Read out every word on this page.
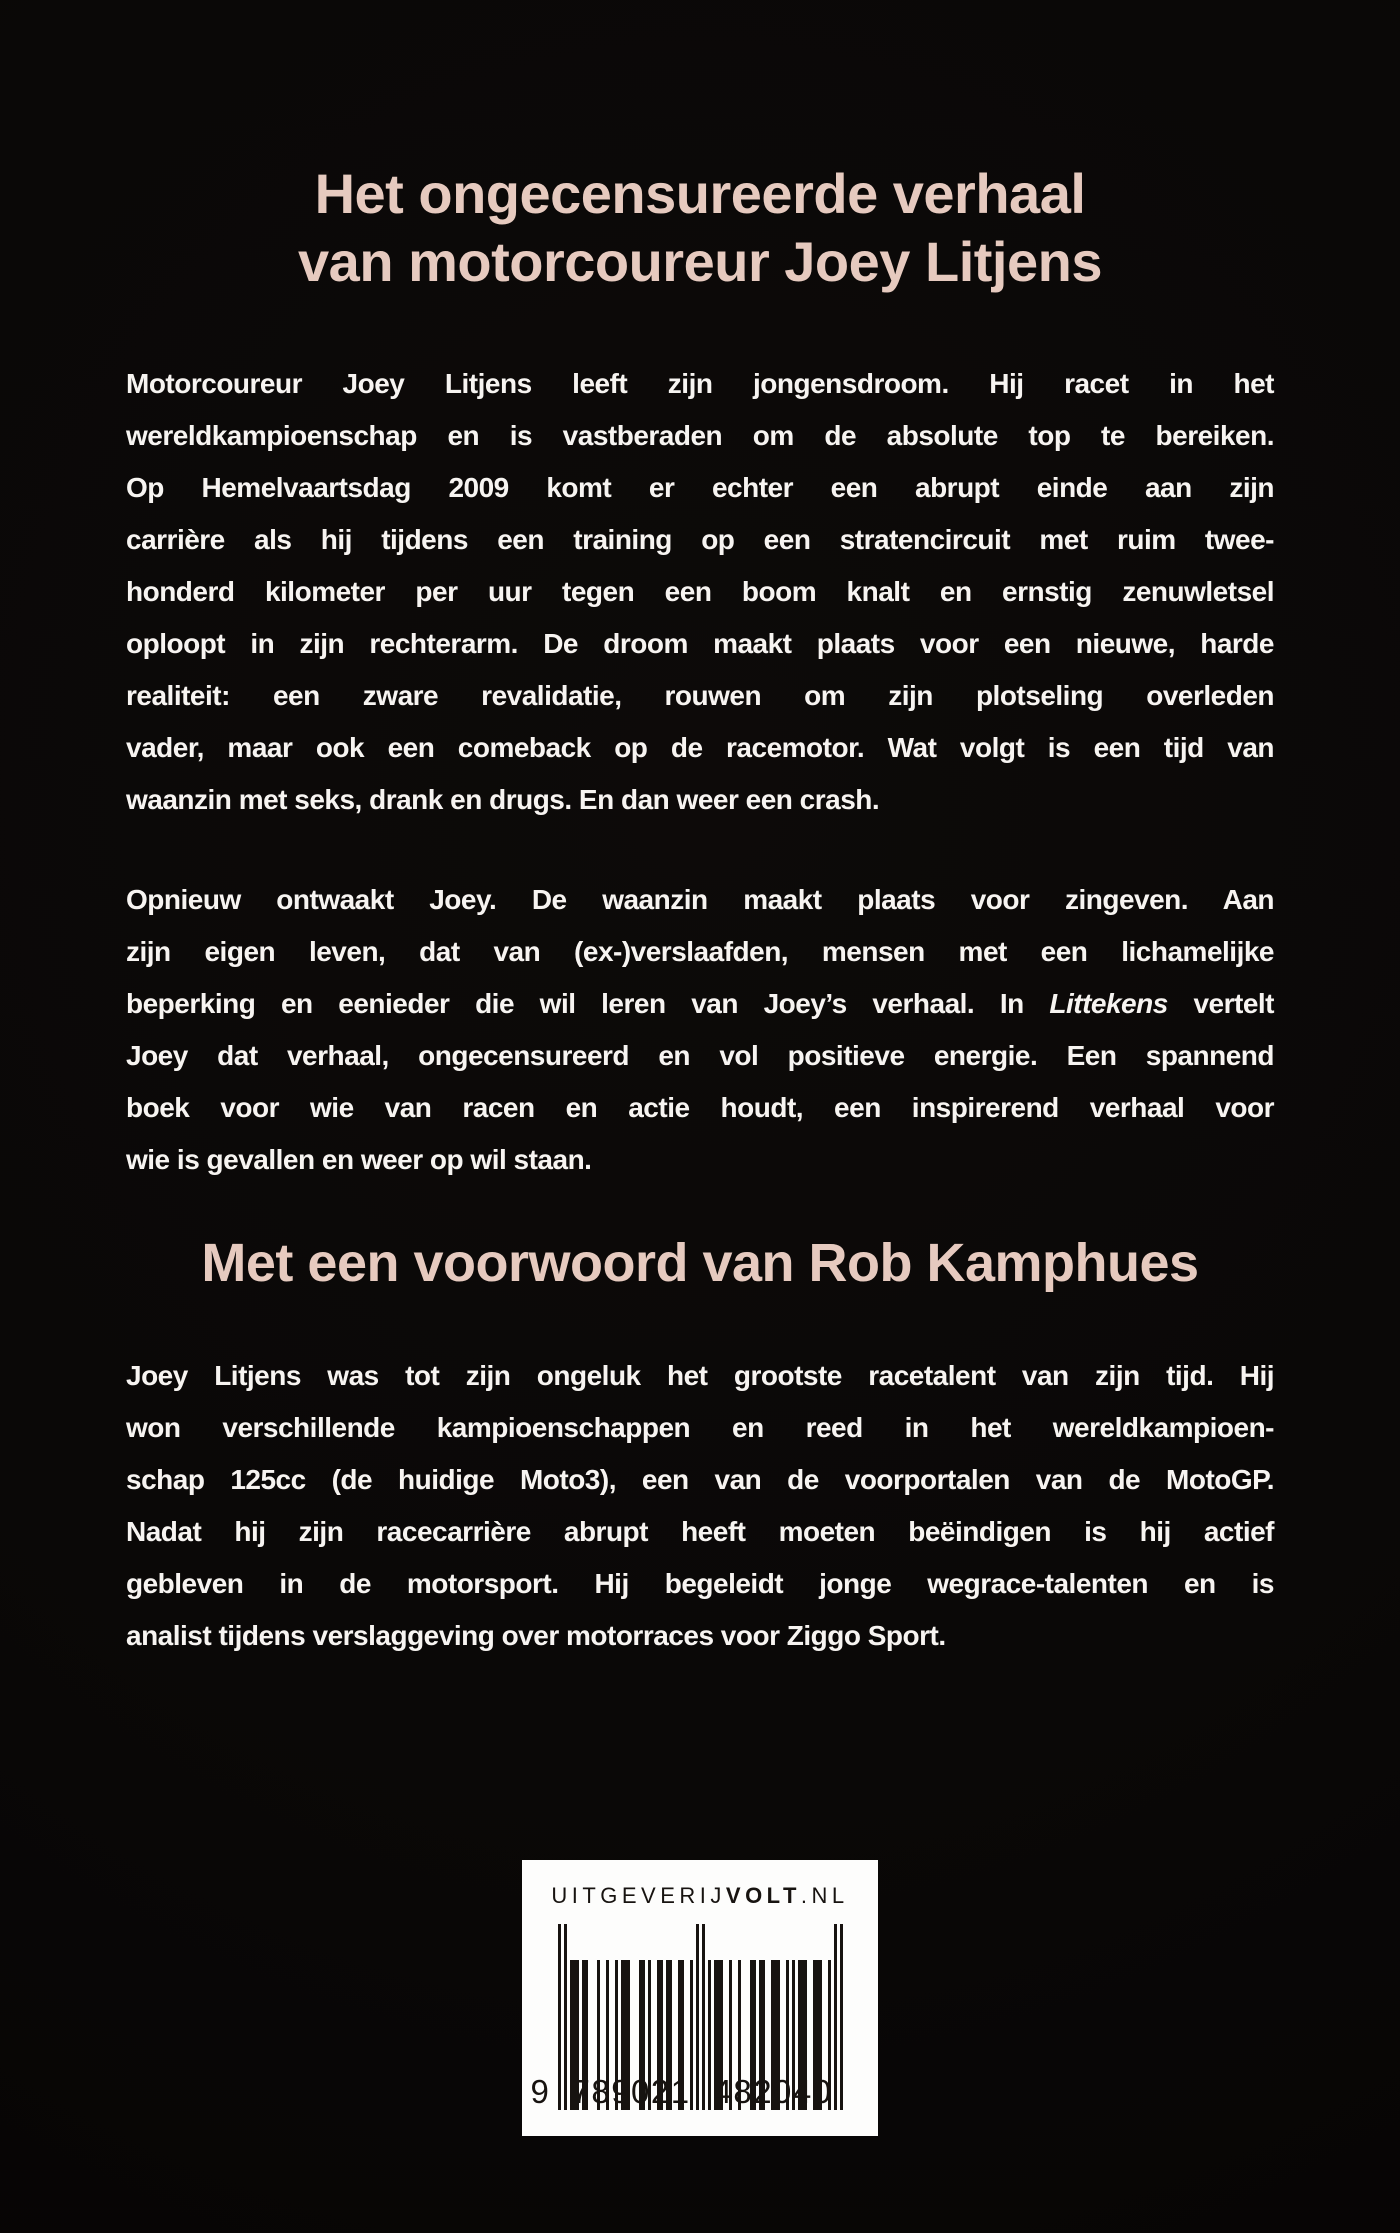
Het ongecensureerde verhaal
van motorcoureur Joey Litjens
Motorcoureur Joey Litjens leeft zijn jongensdroom. Hij racet in het
wereldkampioenschap en is vastberaden om de absolute top te bereiken.
Op Hemelvaartsdag 2009 komt er echter een abrupt einde aan zijn
carrière als hij tijdens een training op een stratencircuit met ruim twee-
honderd kilometer per uur tegen een boom knalt en ernstig zenuwletsel
oploopt in zijn rechterarm. De droom maakt plaats voor een nieuwe, harde
realiteit: een zware revalidatie, rouwen om zijn plotseling overleden
vader, maar ook een comeback op de racemotor. Wat volgt is een tijd van
waanzin met seks, drank en drugs. En dan weer een crash.
Opnieuw ontwaakt Joey. De waanzin maakt plaats voor zingeven. Aan
zijn eigen leven, dat van (ex-)verslaafden, mensen met een lichamelijke
beperking en eenieder die wil leren van Joey’s verhaal. In Littekens vertelt
Joey dat verhaal, ongecensureerd en vol positieve energie. Een spannend
boek voor wie van racen en actie houdt, een inspirerend verhaal voor
wie is gevallen en weer op wil staan.
Met een voorwoord van Rob Kamphues
Joey Litjens was tot zijn ongeluk het grootste racetalent van zijn tijd. Hij
won verschillende kampioenschappen en reed in het wereldkampioen-
schap 125cc (de huidige Moto3), een van de voorportalen van de MotoGP.
Nadat hij zijn racecarrière abrupt heeft moeten beëindigen is hij actief
gebleven in de motorsport. Hij begeleidt jonge wegrace-talenten en is
analist tijdens verslaggeving over motorraces voor Ziggo Sport.
UITGEVERIJVOLT.NL
9 789021 482040
